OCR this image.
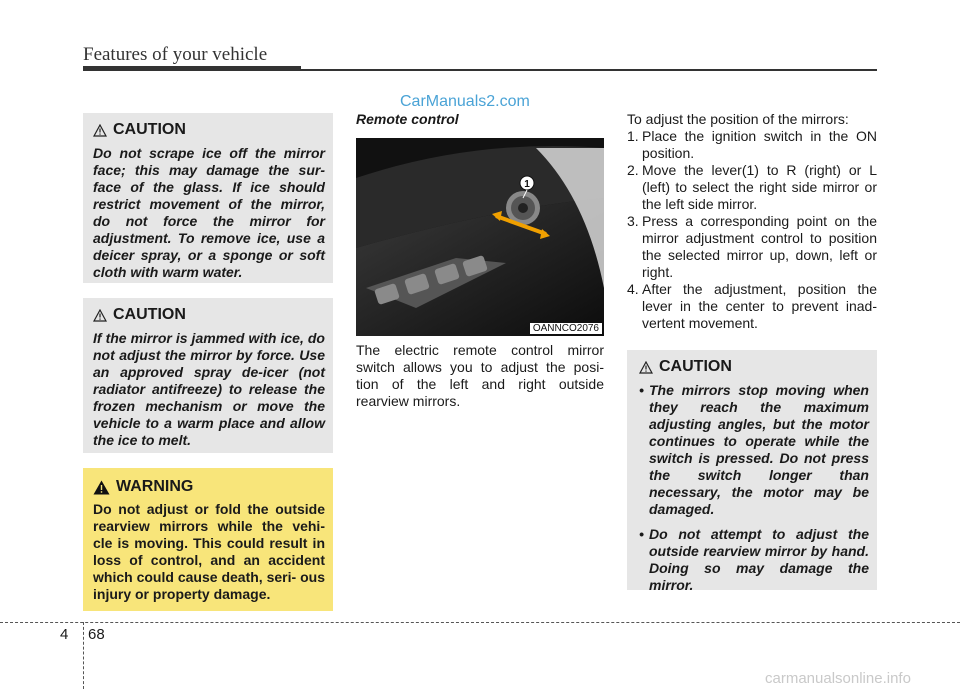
Features of your vehicle
CarManuals2.com
CAUTION
Do not scrape ice off the mirror face; this may damage the sur- face of the glass. If ice should restrict movement of the mirror, do not force the mirror for adjustment. To remove ice, use a deicer spray, or a sponge or soft cloth with warm water.
CAUTION
If the mirror is jammed with ice, do not adjust the mirror by force. Use an approved spray de-icer (not radiator antifreeze) to release the frozen mechanism or move the vehicle to a warm place and allow the ice to melt.
WARNING
Do not adjust or fold the outside rearview mirrors while the vehi- cle is moving. This could result in loss of control, and an accident which could cause death, seri- ous injury or property damage.
Remote control
1
OANNCO2076
The electric remote control mirror switch allows you to adjust the posi- tion of the left and right outside rearview mirrors.
To adjust the position of the mirrors:
1. Place the ignition switch in the ON position.
2. Move the lever(1) to R (right) or L (left) to select the right side mirror or the left side mirror.
3. Press a corresponding point on the mirror adjustment control to position the selected mirror up, down, left or right.
4. After the adjustment, position the lever in the center to prevent inad- vertent movement.
CAUTION
• The mirrors stop moving when they reach the maximum adjusting angles, but the motor continues to operate while the switch is pressed. Do not press the switch longer than necessary, the motor may be damaged.
• Do not attempt to adjust the outside rearview mirror by hand. Doing so may damage the mirror.
4 68
carmanualsonline.info
